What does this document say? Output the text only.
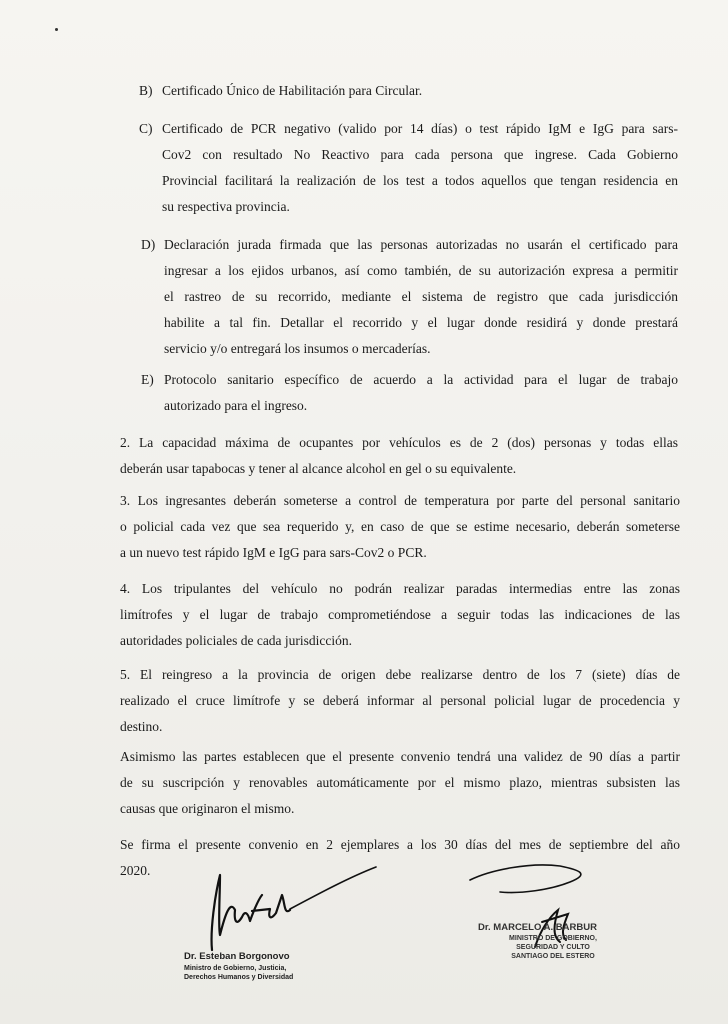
B) Certificado Único de Habilitación para Circular.
C) Certificado de PCR negativo (valido por 14 días) o test rápido IgM e IgG para sars-
Cov2 con resultado No Reactivo para cada persona que ingrese. Cada Gobierno
Provincial facilitará la realización de los test a todos aquellos que tengan residencia en
su respectiva provincia.
D) Declaración jurada firmada que las personas autorizadas no usarán el certificado para
ingresar a los ejidos urbanos, así como también, de su autorización expresa a permitir
el rastreo de su recorrido, mediante el sistema de registro que cada jurisdicción
habilite a tal fin. Detallar el recorrido y el lugar donde residirá y donde prestará
servicio y/o entregará los insumos o mercaderías.
E) Protocolo sanitario específico de acuerdo a la actividad para el lugar de trabajo
autorizado para el ingreso.
2. La capacidad máxima de ocupantes por vehículos es de 2 (dos) personas y todas ellas
deberán usar tapabocas y tener al alcance alcohol en gel o su equivalente.
3. Los ingresantes deberán someterse a control de temperatura por parte del personal sanitario
o policial cada vez que sea requerido y, en caso de que se estime necesario, deberán someterse
a un nuevo test rápido IgM e IgG para sars-Cov2 o PCR.
4. Los tripulantes del vehículo no podrán realizar paradas intermedias entre las zonas
limítrofes y el lugar de trabajo comprometiéndose a seguir todas las indicaciones de las
autoridades policiales de cada jurisdicción.
5. El reingreso a la provincia de origen debe realizarse dentro de los 7 (siete) días de
realizado el cruce limítrofe y se deberá informar al personal policial lugar de procedencia y
destino.
Asimismo las partes establecen que el presente convenio tendrá una validez de 90 días a partir
de su suscripción y renovables automáticamente por el mismo plazo, mientras subsisten las
causas que originaron el mismo.
Se firma el presente convenio en 2 ejemplares a los 30 días del mes de septiembre del año
2020.
Dr. Esteban Borgonovo
Ministro de Gobierno, Justicia,
Derechos Humanos y Diversidad
Dr. MARCELO A. BARBUR
MINISTRO DE GOBIERNO,
SEGURIDAD Y CULTO
SANTIAGO DEL ESTERO
